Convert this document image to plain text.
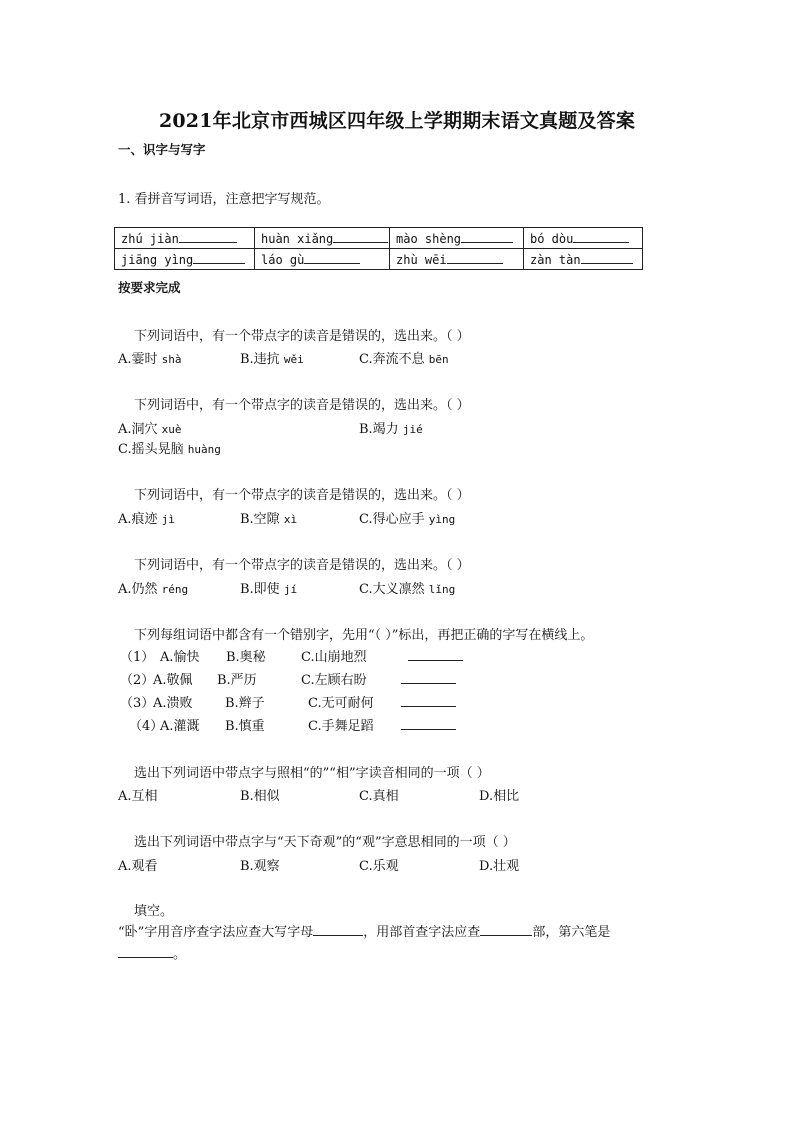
2021年北京市西城区四年级上学期期末语文真题及答案
一、识字与写字
1. 看拼音写词语，注意把字写规范。
zhú jiàn	huàn xiǎng	mào shèng	bó dòu
jiāng yìng	láo gù	zhù wēi	zàn tàn
按要求完成
下列词语中，有一个带点字的读音是错误的，选出来。（ ）
A.霎时 shà	B.违抗 wěi	C.奔流不息 bēn
下列词语中，有一个带点字的读音是错误的，选出来。（ ）
A.洞穴 xuè	B.竭力 jié
C.摇头晃脑 huàng
下列词语中，有一个带点字的读音是错误的，选出来。（ ）
A.痕迹 jì	B.空隙 xì	C.得心应手 yìng
下列词语中，有一个带点字的读音是错误的，选出来。（ ）
A.仍然 réng	B.即使 jí	C.大义凛然 lǐng
下列每组词语中都含有一个错别字，先用“（ ）”标出，再把正确的字写在横线上。
（1） A.愉快 B.奥秘	C.山崩地烈
（2）
A.敬佩 B.严历	C.左顾右盼
（3）
A.溃败 B.辫子	C.无可耐何
（4）
A.灌溉 B.慎重	C.手舞足蹈
选出下列词语中带点字与照相“的”“相”字读音相同的一项（ ）
A.互相	B.相似	C.真相	D.相比
选出下列词语中带点字与“天下奇观”的“观”字意思相同的一项（ ）
A.观看	B.观察	C.乐观	D.壮观
填空。
“卧”字用音序查字法应查大写字母	，用部首查字法应查	部，第六笔是
。
